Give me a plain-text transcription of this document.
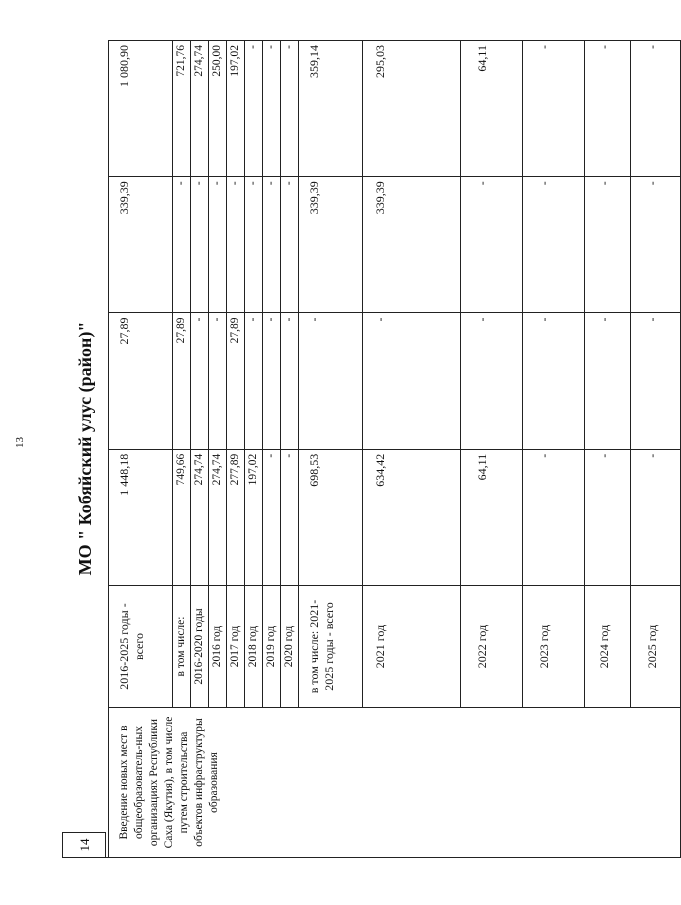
13	МО " Кобяйский улус (район)"
14
Введение новых мест в общеобразователь-ных организациях Республики Саха (Якутия), в том числе путем строительства объектов инфраструктуры образования	2016-2025 годы - всего	1 448,18	27,89	339,39	1 080,90
	в том числе:	749,66	27,89	-	721,76
	2016-2020 годы	274,74	-	-	274,74
	2016 год	274,74	-	-	250,00
	2017 год	277,89	27,89	-	197,02
	2018 год	197,02	-	-	-
	2019 год	-	-	-	-
	2020 год	-	-	-	-
	в том числе: 2021-2025 годы - всего	698,53	-	339,39	359,14
	2021 год	634,42	-	339,39	295,03
	2022 год	64,11	-	-	64,11
	2023 год	-	-	-	-
	2024 год	-	-	-	-
	2025 год	-	-	-	-
